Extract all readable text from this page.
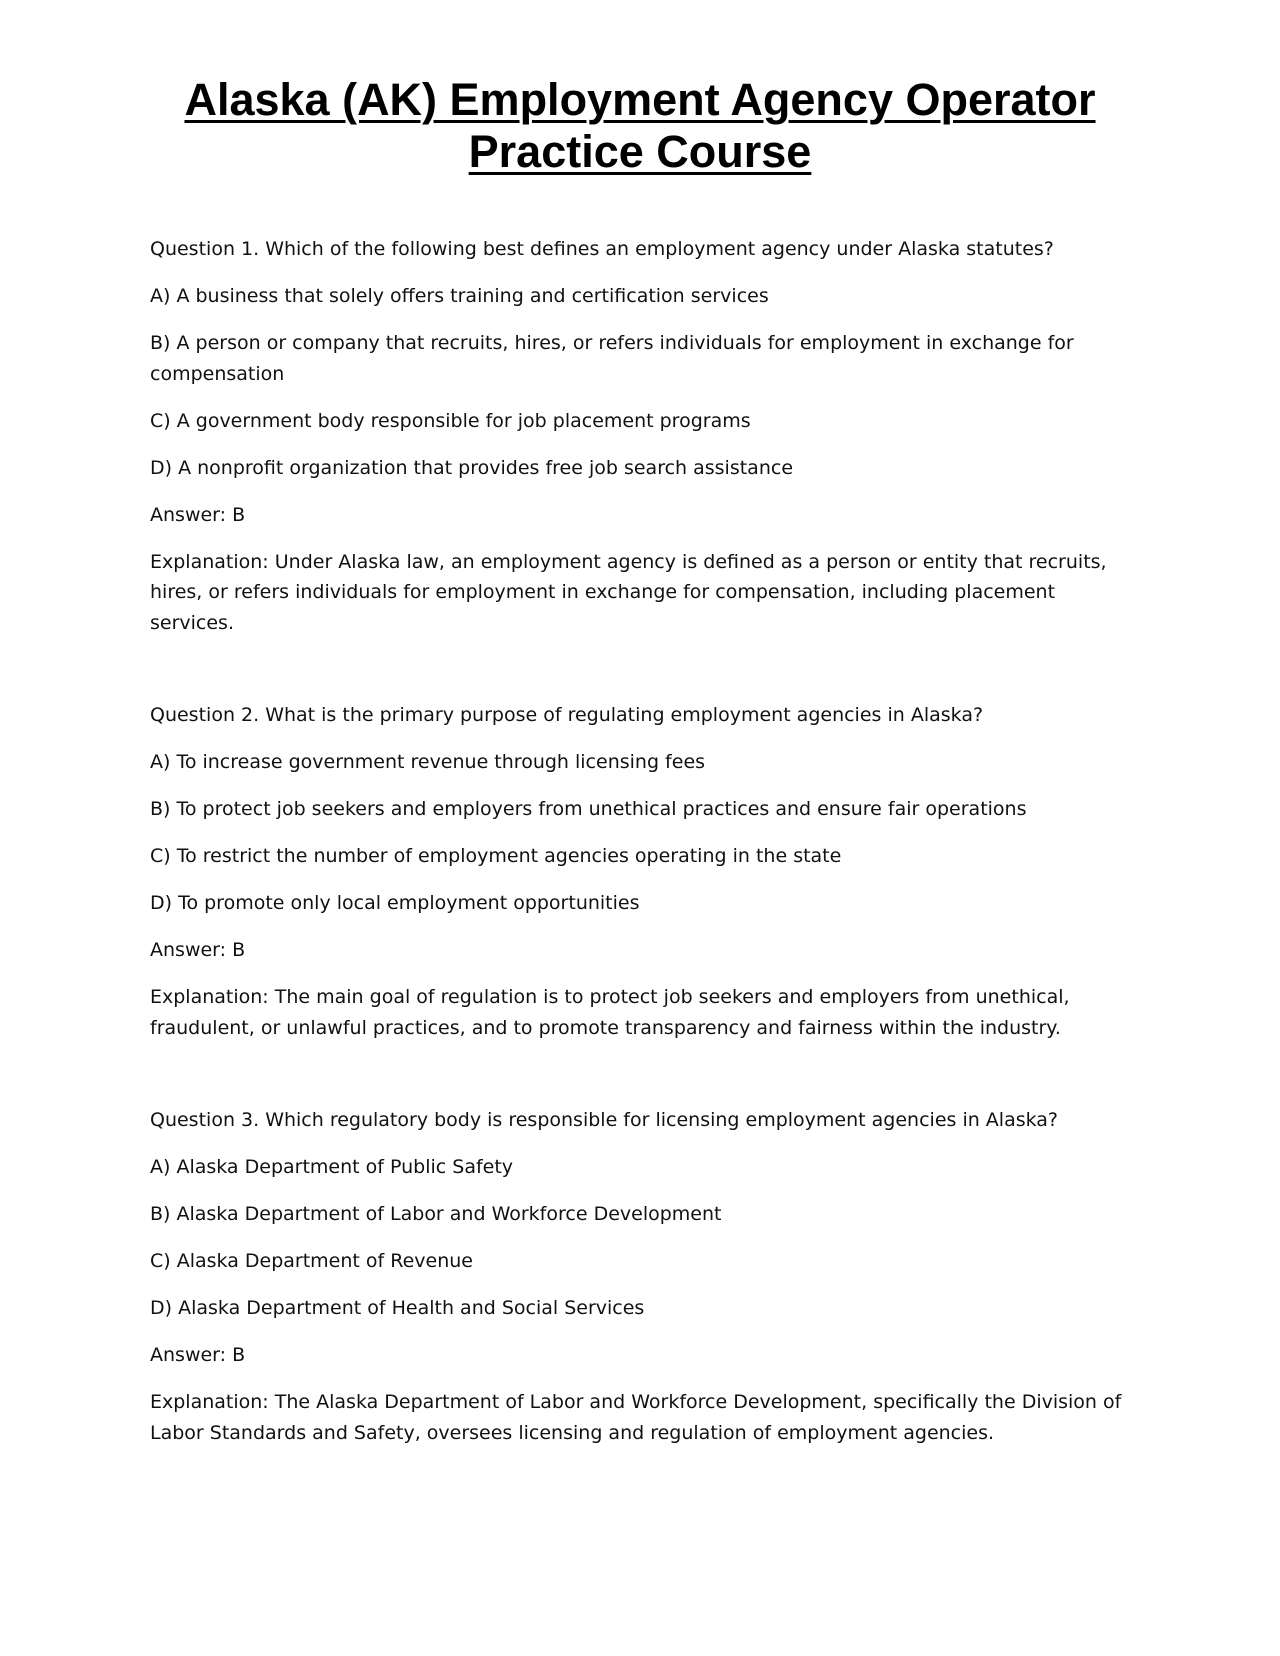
Alaska (AK) Employment Agency Operator
Practice Course

Question 1. Which of the following best defines an employment agency under Alaska statutes?

A) A business that solely offers training and certification services

B) A person or company that recruits, hires, or refers individuals for employment in exchange for compensation

C) A government body responsible for job placement programs

D) A nonprofit organization that provides free job search assistance

Answer: B

Explanation: Under Alaska law, an employment agency is defined as a person or entity that recruits, hires, or refers individuals for employment in exchange for compensation, including placement services.

Question 2. What is the primary purpose of regulating employment agencies in Alaska?

A) To increase government revenue through licensing fees

B) To protect job seekers and employers from unethical practices and ensure fair operations

C) To restrict the number of employment agencies operating in the state

D) To promote only local employment opportunities

Answer: B

Explanation: The main goal of regulation is to protect job seekers and employers from unethical, fraudulent, or unlawful practices, and to promote transparency and fairness within the industry.

Question 3. Which regulatory body is responsible for licensing employment agencies in Alaska?

A) Alaska Department of Public Safety

B) Alaska Department of Labor and Workforce Development

C) Alaska Department of Revenue

D) Alaska Department of Health and Social Services

Answer: B

Explanation: The Alaska Department of Labor and Workforce Development, specifically the Division of Labor Standards and Safety, oversees licensing and regulation of employment agencies.
